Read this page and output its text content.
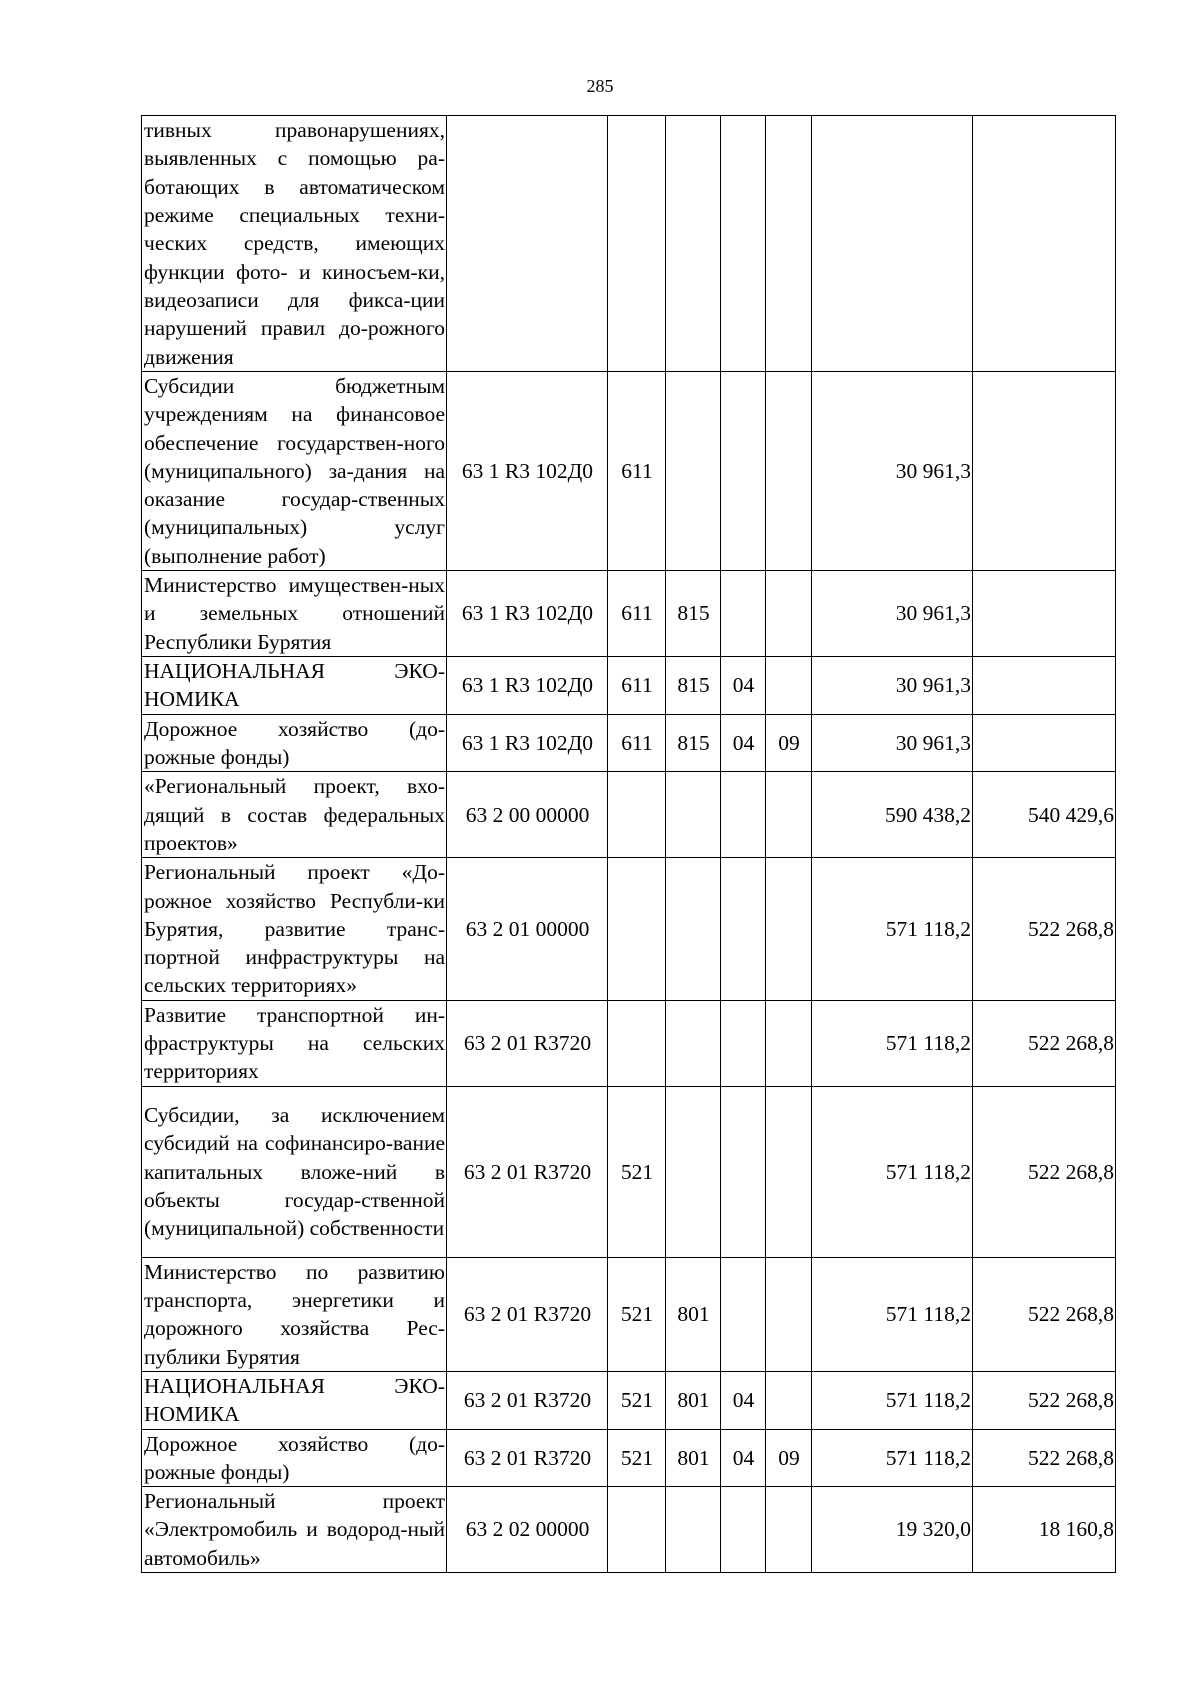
285
тивных правонарушениях, выявленных с помощью ра-ботающих в автоматическом режиме специальных техни-ческих средств, имеющих функции фото- и киносъем-ки, видеозаписи для фикса-ции нарушений правил до-рожного движения							
Субсидии бюджетным учреждениям на финансовое обеспечение государствен-ного (муниципального) за-дания на оказание государ-ственных (муниципальных) услуг (выполнение работ)	63 1 R3 102Д0	611				30 961,3	
Министерство имуществен-ных и земельных отношений Республики Бурятия	63 1 R3 102Д0	611	815			30 961,3	
НАЦИОНАЛЬНАЯ ЭКО-НОМИКА	63 1 R3 102Д0	611	815	04		30 961,3	
Дорожное хозяйство (до-рожные фонды)	63 1 R3 102Д0	611	815	04	09	30 961,3	
«Региональный проект, вхо-дящий в состав федеральных проектов»	63 2 00 00000					590 438,2	540 429,6
Региональный проект «До-рожное хозяйство Республи-ки Бурятия, развитие транс-портной инфраструктуры на сельских территориях»	63 2 01 00000					571 118,2	522 268,8
Развитие транспортной ин-фраструктуры на сельских территориях	63 2 01 R3720					571 118,2	522 268,8
Субсидии, за исключением субсидий на софинансиро-вание капитальных вложе-ний в объекты государ-ственной (муниципальной) собственности	63 2 01 R3720	521				571 118,2	522 268,8
Министерство по развитию транспорта, энергетики и дорожного хозяйства Рес-публики Бурятия	63 2 01 R3720	521	801			571 118,2	522 268,8
НАЦИОНАЛЬНАЯ ЭКО-НОМИКА	63 2 01 R3720	521	801	04		571 118,2	522 268,8
Дорожное хозяйство (до-рожные фонды)	63 2 01 R3720	521	801	04	09	571 118,2	522 268,8
Региональный проект «Электромобиль и водород-ный автомобиль»	63 2 02 00000					19 320,0	18 160,8
